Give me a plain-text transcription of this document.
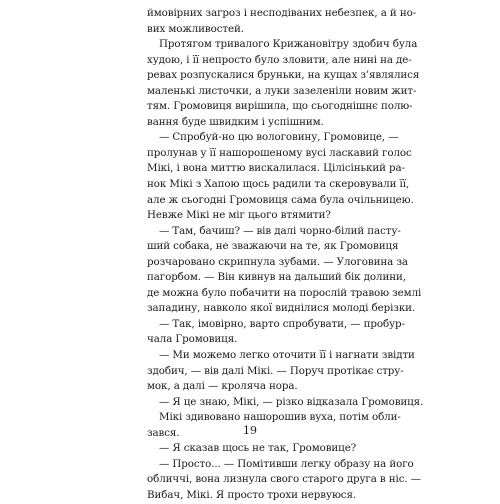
ймовірних загроз і несподіваних небезпек, а й но-
вих можливостей.
Протягом тривалого Крижановітру здобич була
худою, і її непросто було зловити, але нині на де-
ревах розпускалися бруньки, на кущах з’являлися
маленькі листочки, а луки зазеленіли новим жит-
тям. Громовиця вирішила, що сьогоднішнє полю-
вання буде швидким і успішним.
— Спробуй-но цю вологовину, Громовице, —
пролунав у її нашорошеному вусі ласкавий голос
Мікі, і вона миттю вискалилася. Цілісінький ра-
нок Мікі з Хапою щось радили та скеровували її,
але ж сьогодні Громовиця сама була очільницею.
Невже Мікі не міг цього втямити?
— Там, бачиш? — вів далі чорно-білий пасту-
ший собака, не зважаючи на те, як Громовиця
розчаровано скрипнула зубами. — Улоговина за
пагорбом. — Він кивнув на дальший бік долини,
де можна було побачити на порослій травою землі
западину, навколо якої виднілися молоді берізки.
— Так, імовірно, варто спробувати, — пробур-
чала Громовиця.
— Ми можемо легко оточити її і нагнати звідти
здобич, — вів далі Мікі. — Поруч протікає стру-
мок, а далі — кроляча нора.
— Я це знаю, Мікі, — різко відказала Громовиця.
Мікі здивовано нашорошив вуха, потім обли-
зався.
— Я сказав щось не так, Громовице?
— Просто... — Помітивши легку образу на його
обличчі, вона лизнула свого старого друга в ніс. —
Вибач, Мікі. Я просто трохи нервуюся.
19
